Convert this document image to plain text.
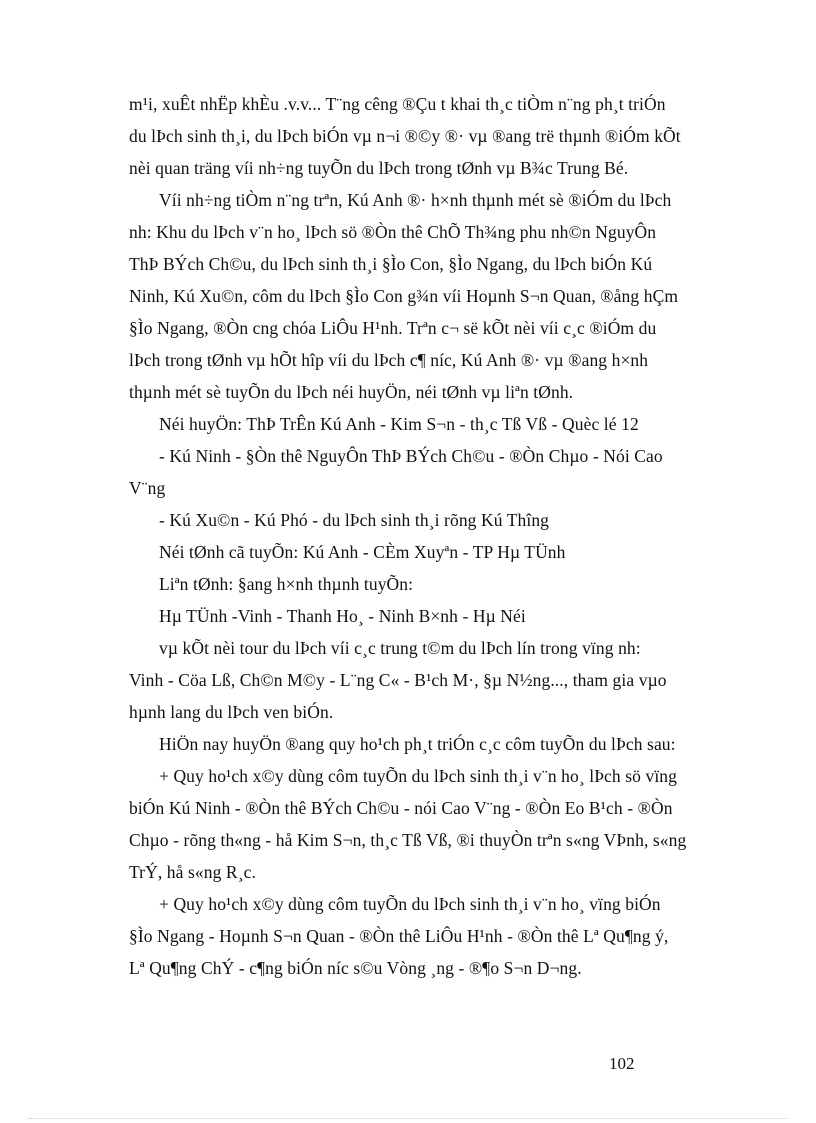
m¹i, xuÊt nhËp khÈu .v.v... T¨ng cêng ®Çu t khai th¸c tiÒm n¨ng ph¸t triÓn
du lÞch sinh th¸i, du lÞch biÓn vµ n¬i ®©y ®· vµ ®ang trë thµnh ®iÓm kÕt
nèi quan träng víi nh÷ng tuyÕn du lÞch trong tØnh vµ B¾c Trung Bé.
Víi nh÷ng tiÒm n¨ng trªn, Kú Anh ®· h×nh thµnh mét sè ®iÓm du lÞch
nh: Khu du lÞch v¨n ho¸ lÞch sö ®Òn thê ChÕ Th¾ng phu nh©n NguyÔn
ThÞ BÝch Ch©u, du lÞch sinh th¸i §Ìo Con, §Ìo Ngang, du lÞch biÓn Kú
Ninh, Kú Xu©n, côm du lÞch §Ìo Con g¾n víi Hoµnh S¬n Quan, ®ång hÇm
§Ìo Ngang, ®Òn cng chóa LiÔu H¹nh. Trªn c¬ së kÕt nèi víi c¸c ®iÓm du
lÞch trong tØnh vµ hÕt hîp víi du lÞch c¶ níc, Kú Anh ®· vµ ®ang h×nh
thµnh mét sè tuyÕn du lÞch néi huyÖn, néi tØnh vµ liªn tØnh.
Néi huyÖn: ThÞ TrÊn Kú Anh - Kim S¬n - th¸c Tß Vß - Quèc lé 12
- Kú Ninh - §Òn thê NguyÔn ThÞ BÝch Ch©u - ®Òn Chµo - Nói Cao
V¨ng
- Kú Xu©n - Kú Phó - du lÞch sinh th¸i rõng Kú Thîng
Néi tØnh cã tuyÕn: Kú Anh - CÈm Xuyªn - TP Hµ TÜnh
Liªn tØnh: §ang h×nh thµnh tuyÕn:
Hµ TÜnh -Vinh - Thanh Ho¸ - Ninh B×nh - Hµ Néi
vµ kÕt nèi tour du lÞch víi c¸c trung t©m du lÞch lín trong vïng nh:
Vinh - Cöa Lß, Ch©n M©y - L¨ng C« - B¹ch M·, §µ N½ng..., tham gia vµo
hµnh lang du lÞch ven biÓn.
HiÖn nay huyÖn ®ang quy ho¹ch ph¸t triÓn c¸c côm tuyÕn du lÞch sau:
+ Quy ho¹ch x©y dùng côm tuyÕn du lÞch sinh th¸i v¨n ho¸ lÞch sö vïng
biÓn Kú Ninh - ®Òn thê BÝch Ch©u - nói Cao V¨ng - ®Òn Eo B¹ch - ®Òn
Chµo - rõng th«ng - hå Kim S¬n, th¸c Tß Vß, ®i thuyÒn trªn s«ng VÞnh, s«ng
TrÝ, hå s«ng R¸c.
+ Quy ho¹ch x©y dùng côm tuyÕn du lÞch sinh th¸i v¨n ho¸ vïng biÓn
§Ìo Ngang - Hoµnh S¬n Quan - ®Òn thê LiÔu H¹nh - ®Òn thê Lª Qu¶ng ý,
Lª Qu¶ng ChÝ - c¶ng biÓn níc s©u Vòng ¸ng - ®¶o S¬n D¬ng.
102
